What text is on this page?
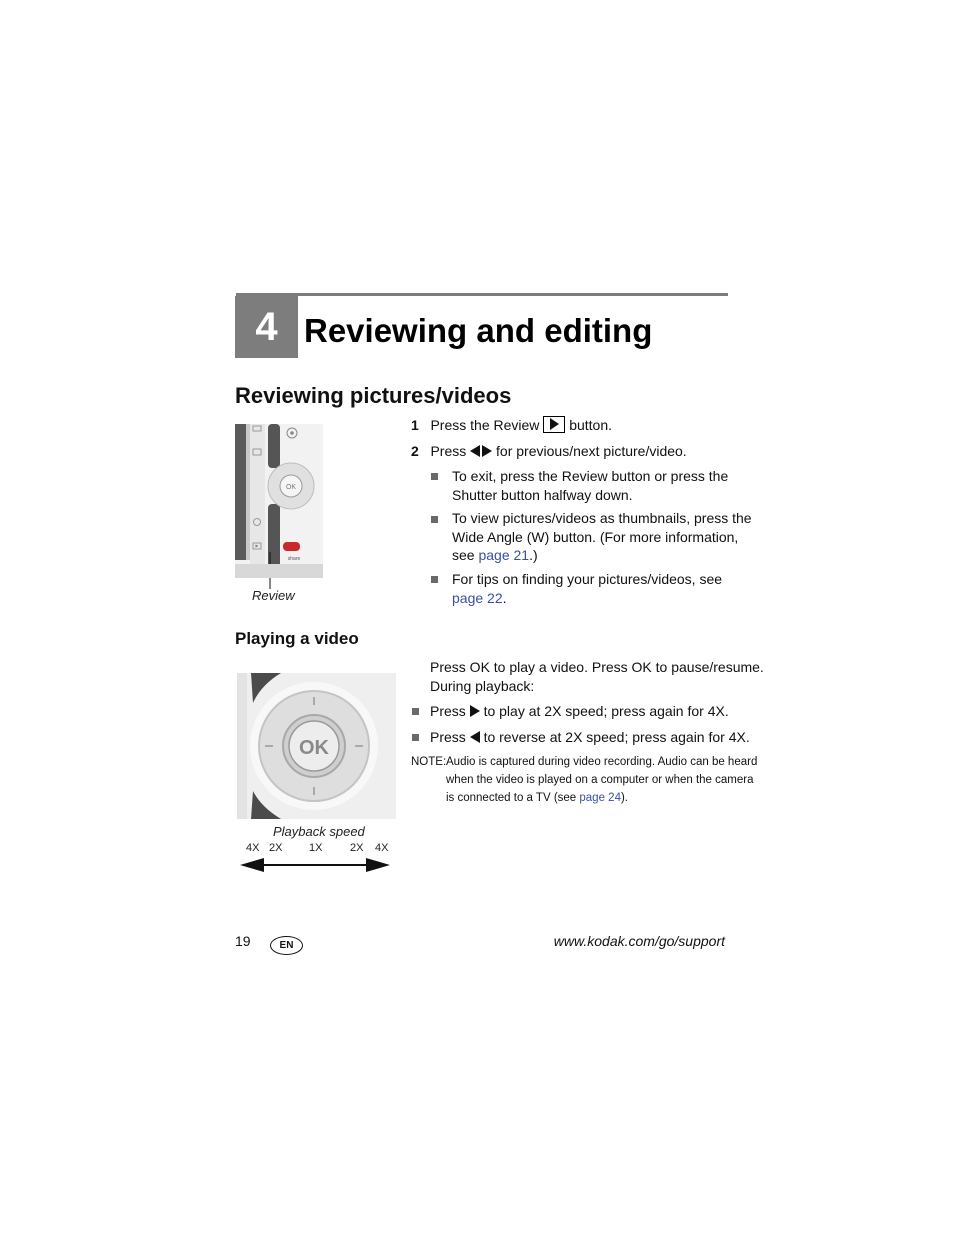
4 Reviewing and editing
Reviewing pictures/videos
OK
share
Review
1 Press the Review button.
2 Press for previous/next picture/video.
To exit, press the Review button or press the
Shutter button halfway down.
To view pictures/videos as thumbnails, press the
Wide Angle (W) button. (For more information,
see page 21.)
For tips on finding your pictures/videos, see
page 22.
Playing a video
OK
Playback speed
4X 2X 1X	2X 4X
Press OK to play a video. Press OK to pause/resume.
During playback:
Press to play at 2X speed; press again for 4X.
Press to reverse at 2X speed; press again for 4X.
NOTE: Audio is captured during video recording. Audio can be heard
when the video is played on a computer or when the camera
is connected to a TV (see page 24).
19	EN	www.kodak.com/go/support
